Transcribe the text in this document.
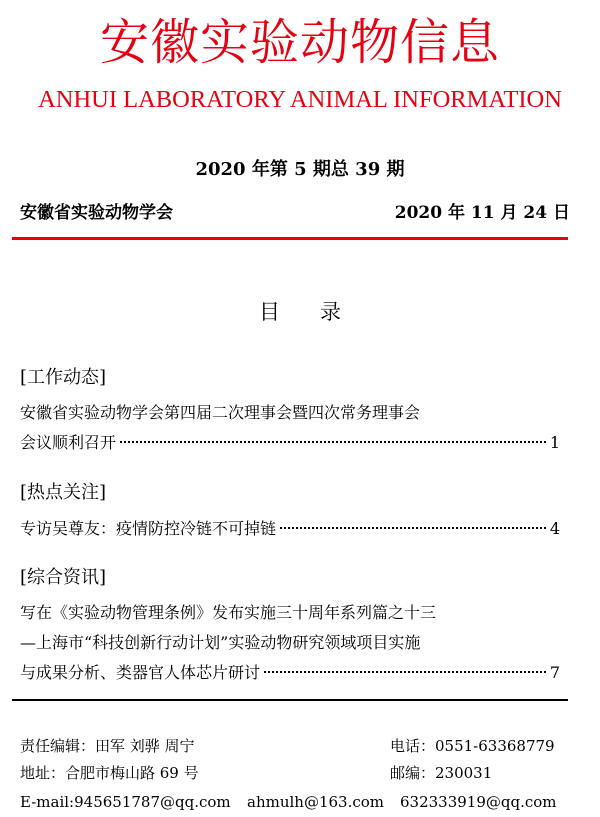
安徽实验动物信息
ANHUI LABORATORY ANIMAL INFORMATION
2020 年第 5 期总 39 期
安徽省实验动物学会	2020 年 11 月 24 日
目录
[工作动态]
安徽省实验动物学会第四届二次理事会暨四次常务理事会
会议顺利召开	1
[热点关注]
专访吴尊友：疫情防控冷链不可掉链	4
[综合资讯]
写在《实验动物管理条例》发布实施三十周年系列篇之十三
—上海市“科技创新行动计划”实验动物研究领域项目实施
与成果分析、类器官人体芯片研讨	7
责任编辑：田军 刘骅 周宁	电话：0551-63368779
地址：合肥市梅山路 69 号	邮编：230031
E-mail:945651787@qq.com ahmulh@163.com 632333919@qq.com
